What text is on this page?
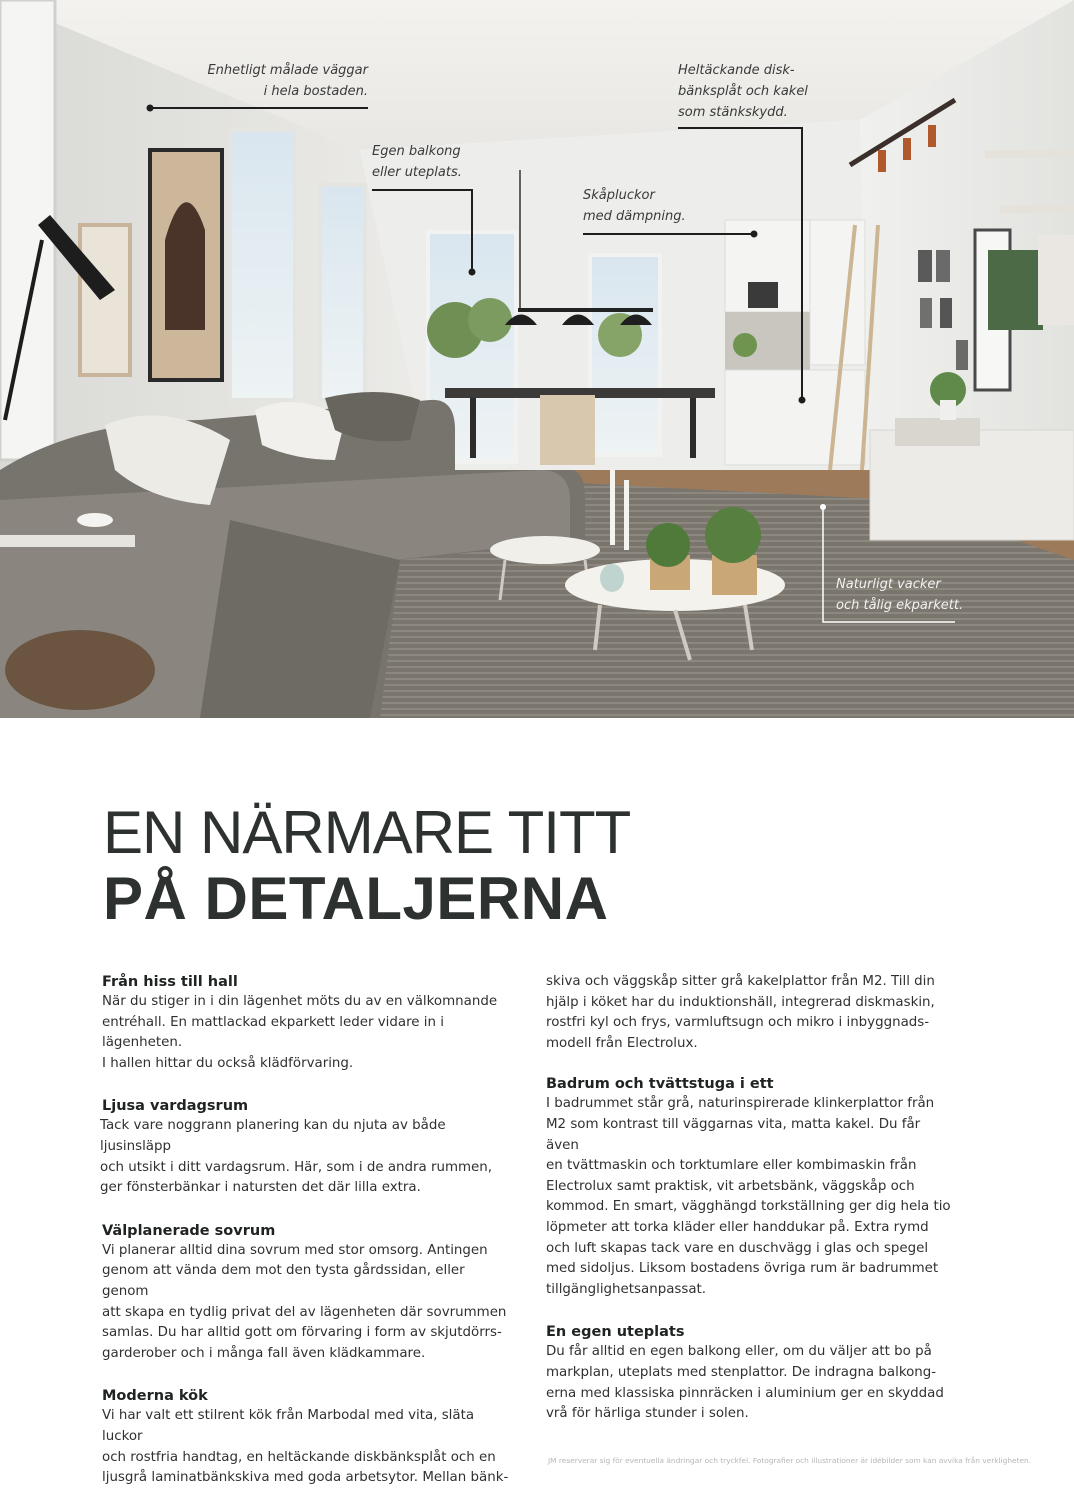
Enhetligt målade väggar
i hela bostaden.
Heltäckande disk-
bänksplåt och kakel
som stänkskydd.
Egen balkong
eller uteplats.
Skåpluckor
med dämpning.
Naturligt vacker
och tålig ekparkett.
EN NÄRMARE TITT
PÅ DETALJERNA

Från hiss till hall

När du stiger in i din lägenhet möts du av en välkomnande
entréhall. En mattlackad ekparkett leder vidare in i lägenheten.
I hallen hittar du också klädförvaring.

Ljusa vardagsrum

Tack vare noggrann planering kan du njuta av både ljusinsläpp
och utsikt i ditt vardagsrum. Här, som i de andra rummen,
ger fönsterbänkar i natursten det där lilla extra.

Välplanerade sovrum

Vi planerar alltid dina sovrum med stor omsorg. Antingen
genom att vända dem mot den tysta gårdssidan, eller genom
att skapa en tydlig privat del av lägenheten där sovrummen
samlas. Du har alltid gott om förvaring i form av skjutdörrs-
garderober och i många fall även klädkammare.

Moderna kök

Vi har valt ett stilrent kök från Marbodal med vita, släta luckor
och rostfria handtag, en heltäckande diskbänksplåt och en
ljusgrå laminatbänkskiva med goda arbetsytor. Mellan bänk-
skiva och väggskåp sitter grå kakelplattor från M2. Till din
hjälp i köket har du induktionshäll, integrerad diskmaskin,
rostfri kyl och frys, varmluftsugn och mikro i inbyggnads-
modell från Electrolux.

Badrum och tvättstuga i ett

I badrummet står grå, naturinspirerade klinkerplattor från
M2 som kontrast till väggarnas vita, matta kakel. Du får även
en tvättmaskin och torktumlare eller kombimaskin från
Electrolux samt praktisk, vit arbetsbänk, väggskåp och
kommod. En smart, vägghängd torkställning ger dig hela tio
löpmeter att torka kläder eller handdukar på. Extra rymd
och luft skapas tack vare en duschvägg i glas och spegel
med sidoljus. Liksom bostadens övriga rum är badrummet
tillgänglighetsanpassat.

En egen uteplats

Du får alltid en egen balkong eller, om du väljer att bo på
markplan, uteplats med stenplattor. De indragna balkong-
erna med klassiska pinnräcken i aluminium ger en skyddad
vrå för härliga stunder i solen.
JM reserverar sig för eventuella ändringar och tryckfel. Fotografier och illustrationer är idébilder som kan avvika från verkligheten.
